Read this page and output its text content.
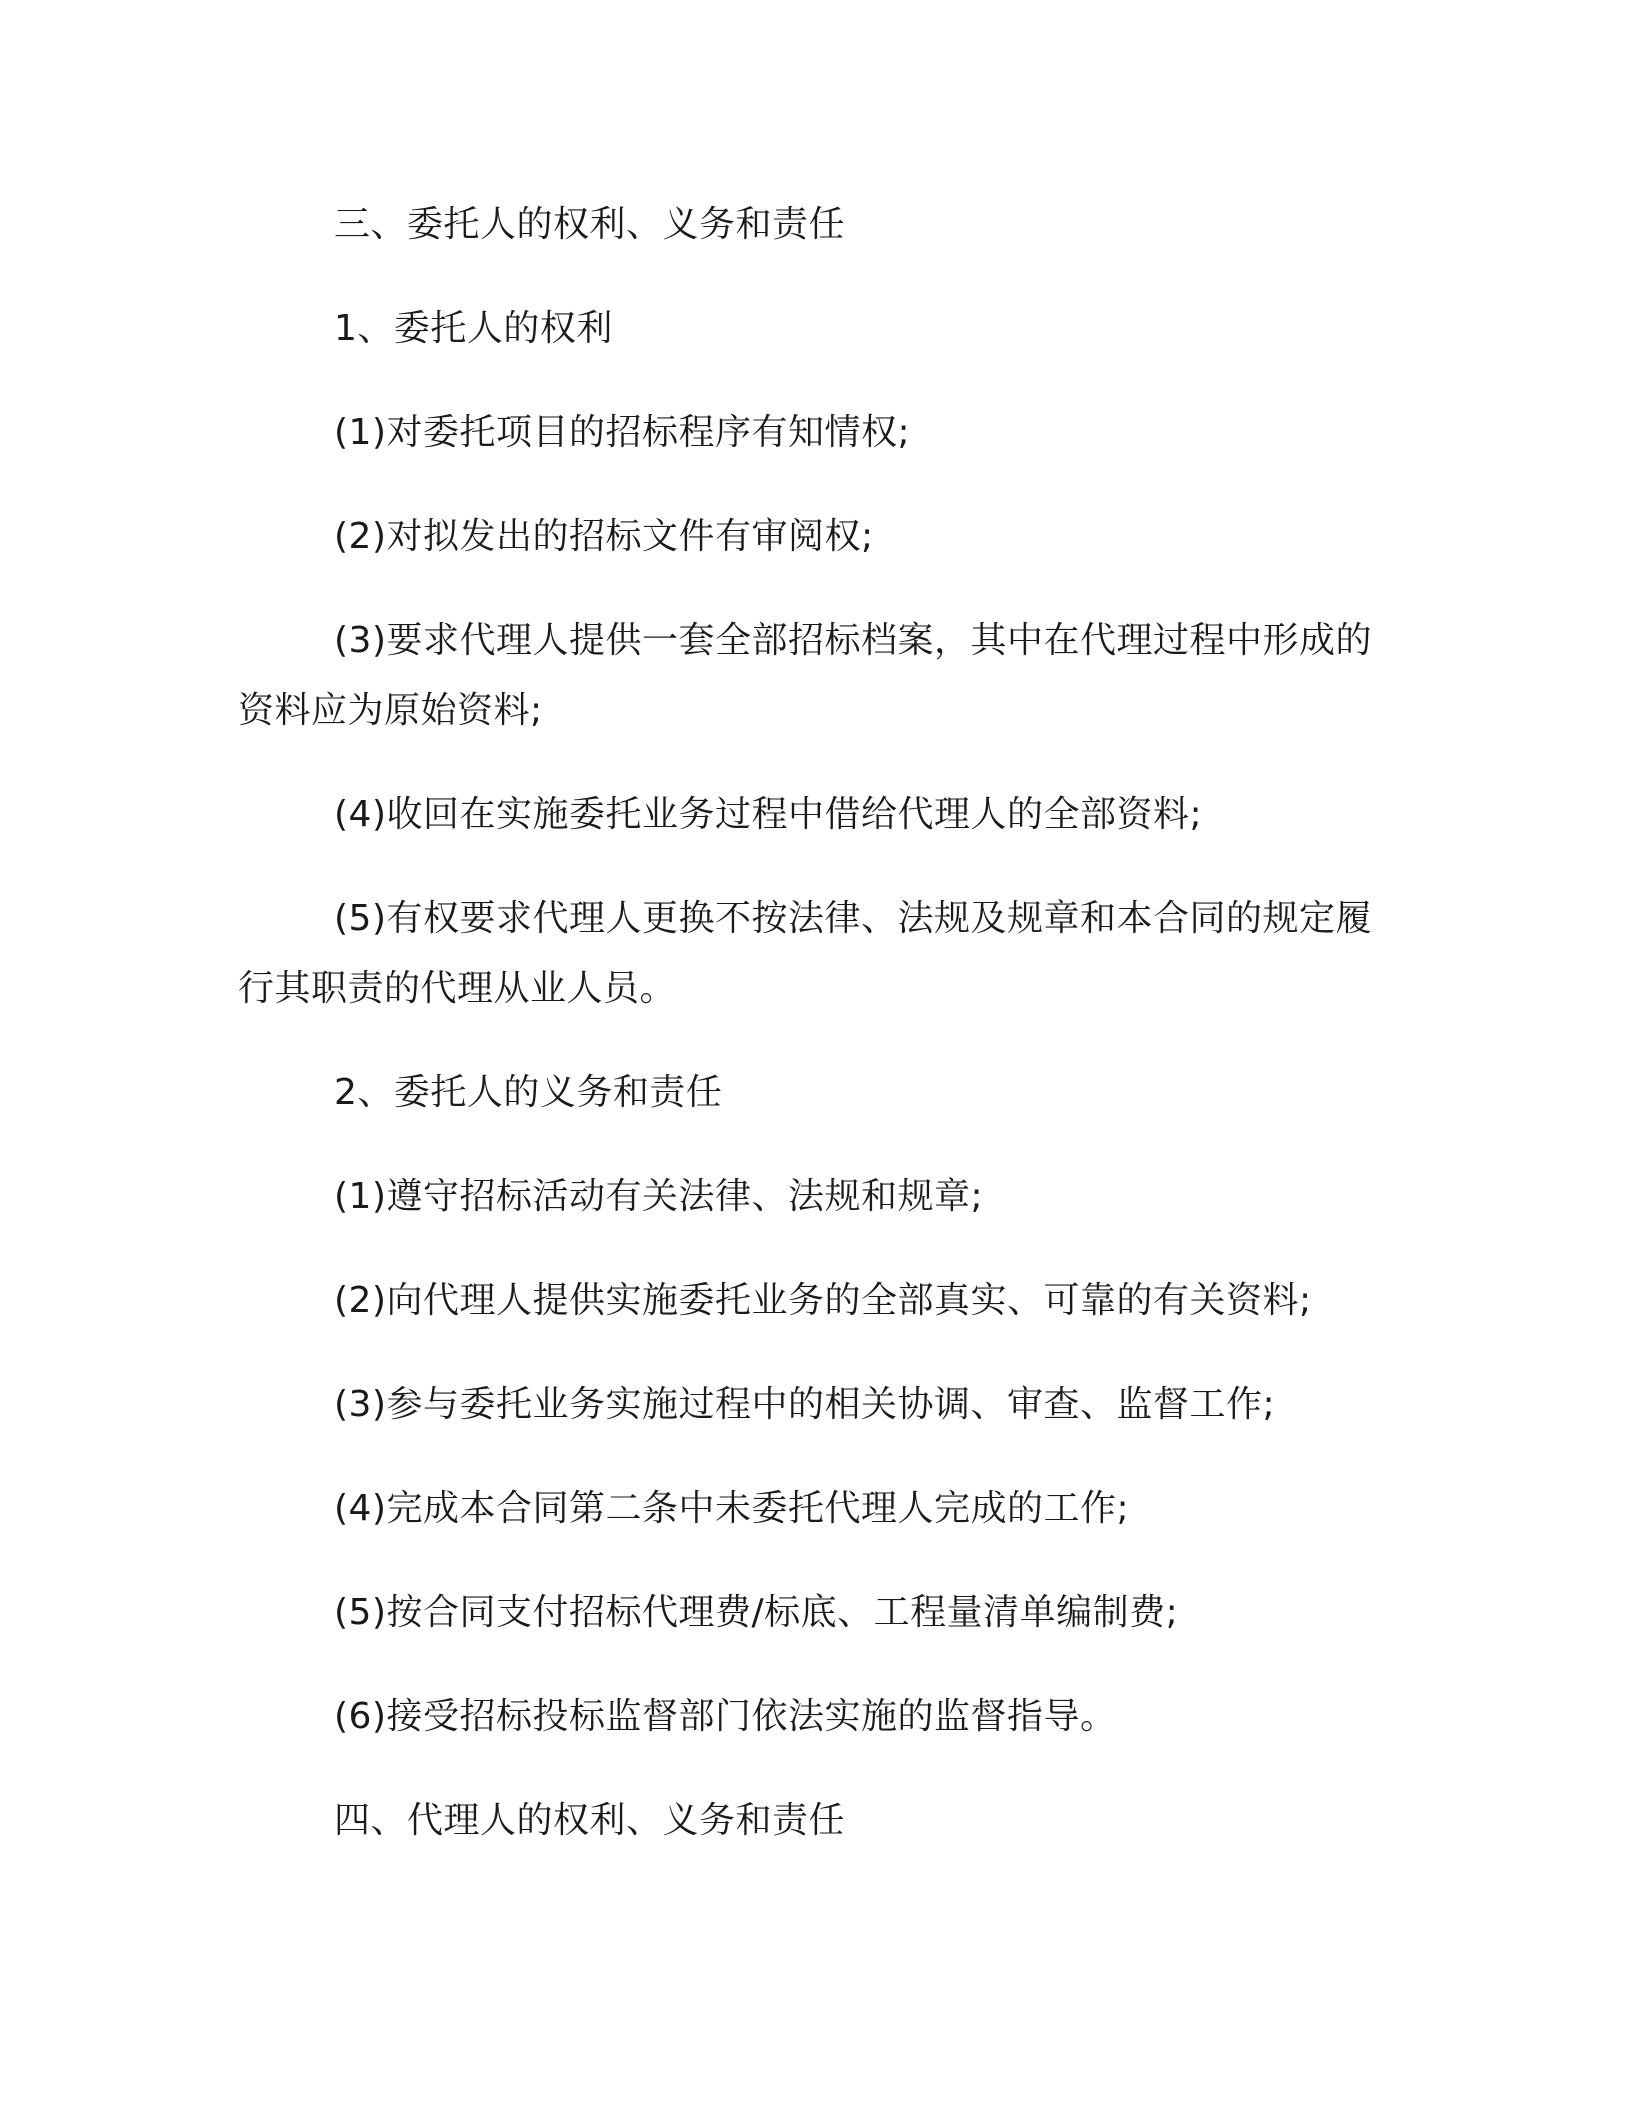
三、委托人的权利、义务和责任

1、委托人的权利

(1)对委托项目的招标程序有知情权;

(2)对拟发出的招标文件有审阅权;

(3)要求代理人提供一套全部招标档案，其中在代理过程中形成的资料应为原始资料;

(4)收回在实施委托业务过程中借给代理人的全部资料;

(5)有权要求代理人更换不按法律、法规及规章和本合同的规定履行其职责的代理从业人员。

2、委托人的义务和责任

(1)遵守招标活动有关法律、法规和规章;

(2)向代理人提供实施委托业务的全部真实、可靠的有关资料;

(3)参与委托业务实施过程中的相关协调、审查、监督工作;

(4)完成本合同第二条中未委托代理人完成的工作;

(5)按合同支付招标代理费/标底、工程量清单编制费;

(6)接受招标投标监督部门依法实施的监督指导。

四、代理人的权利、义务和责任
